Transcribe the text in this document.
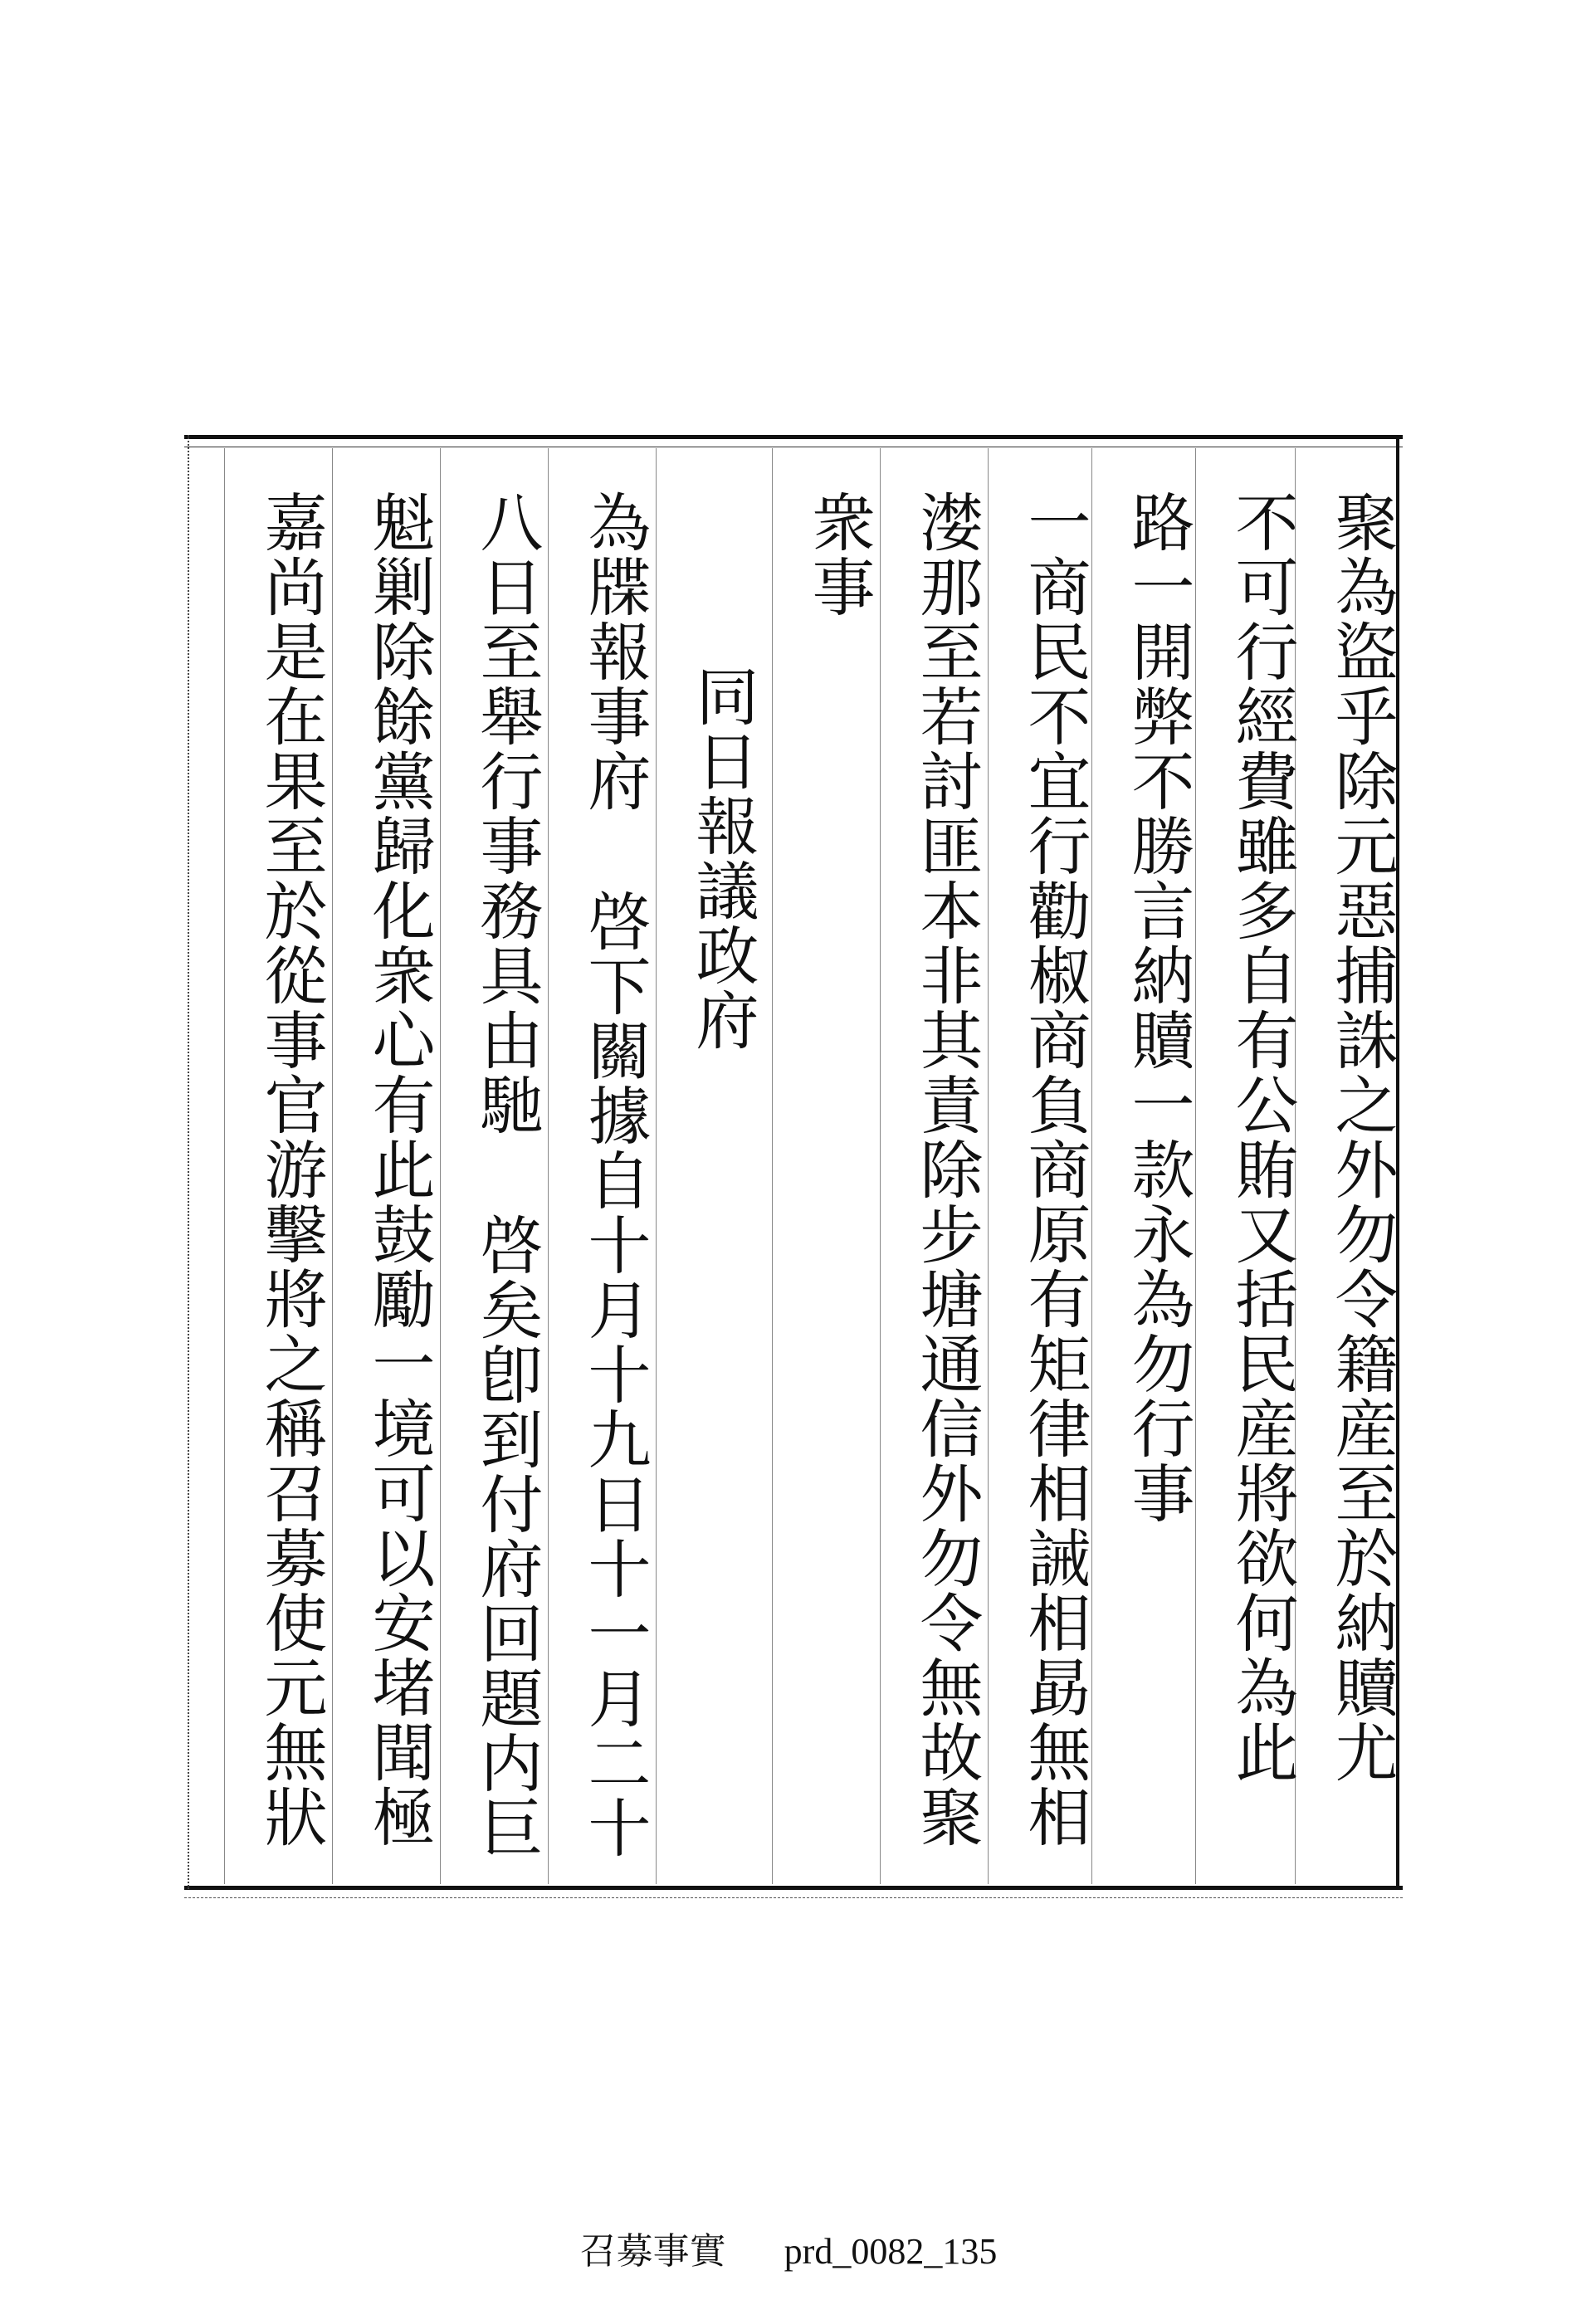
聚為盜乎除元惡捕誅之外勿令籍産至於納贖尤
不可行經費雖多自有公賄又括民産將欲何為此
路一開弊不勝言納贖一款永為勿行事
一商民不宜行勸椒商負商原有矩律相誡相勗無相
漤那至若討匪本非其責除步塘通信外勿令無故聚
衆事
同日報議政府
為牒報事府 啓下關據自十月十九日十一月二十
八日至舉行事務具由馳 啓矣卽到付府回題内巨
魁剿除餘黨歸化衆心有此鼓勵一境可以安堵聞極
嘉尚是在果至於從事官游擊將之稱召募使元無狀
召募事實 prd_0082_135
